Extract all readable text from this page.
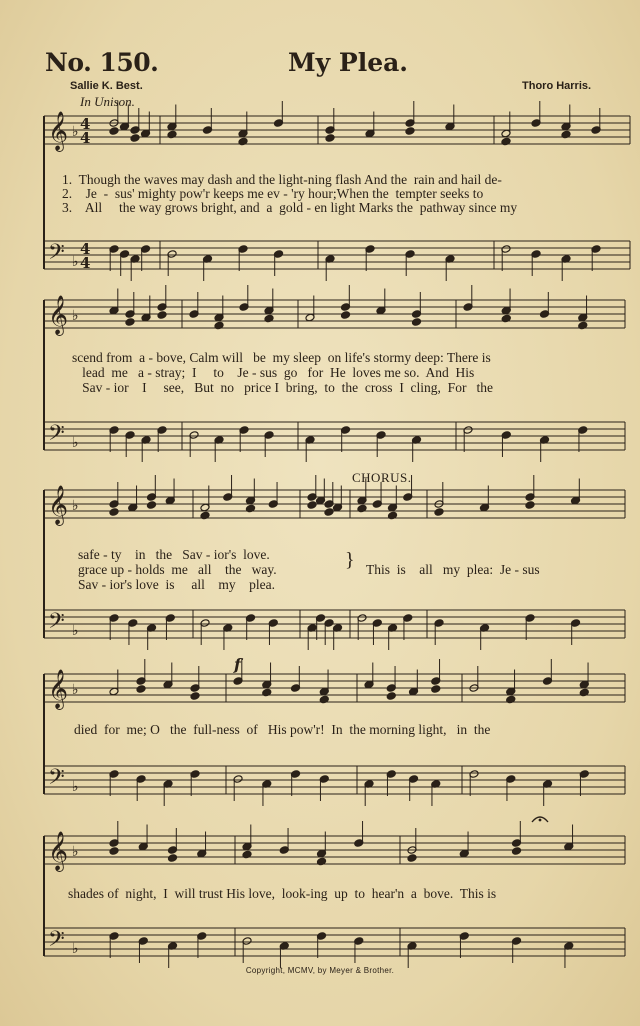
No. 150.	My Plea.
Sallie K. Best.	Thoro Harris.
In Unison.
𝄞
𝄢
♭
♭
4
4
4
4
𝄞
𝄢
♭
♭
𝄞
𝄢
♭
♭
𝄞
𝄢
♭
♭
𝄞
𝄢
♭
♭
f
1.  Though the waves may dash and the light-ning flash And the  rain and hail de-
2.    Je  -  sus' mighty pow'r keeps me ev - 'ry hour;When the  tempter seeks to
3.    All     the way grows bright, and  a  gold - en light Marks the  pathway since my
scend from  a - bove, Calm will   be  my sleep  on life's stormy deep: There is
lead  me   a - stray;  I     to    Je - sus  go   for  He  loves me so.  And  His
Sav - ior    I     see,   But  no   price I  bring,  to  the  cross  I  cling,  For   the
CHORUS.
safe - ty    in   the   Sav - ior's  love.
grace up - holds  me   all    the   way.
Sav - ior's love  is     all    my    plea.
} This  is    all   my  plea:  Je - sus
died  for  me; O   the  full-ness  of   His pow'r!  In  the morning light,   in  the
shades of  night,  I  will trust His love,  look-ing  up  to  hear'n  a  bove.  This is
Copyright, MCMV, by Meyer & Brother.
